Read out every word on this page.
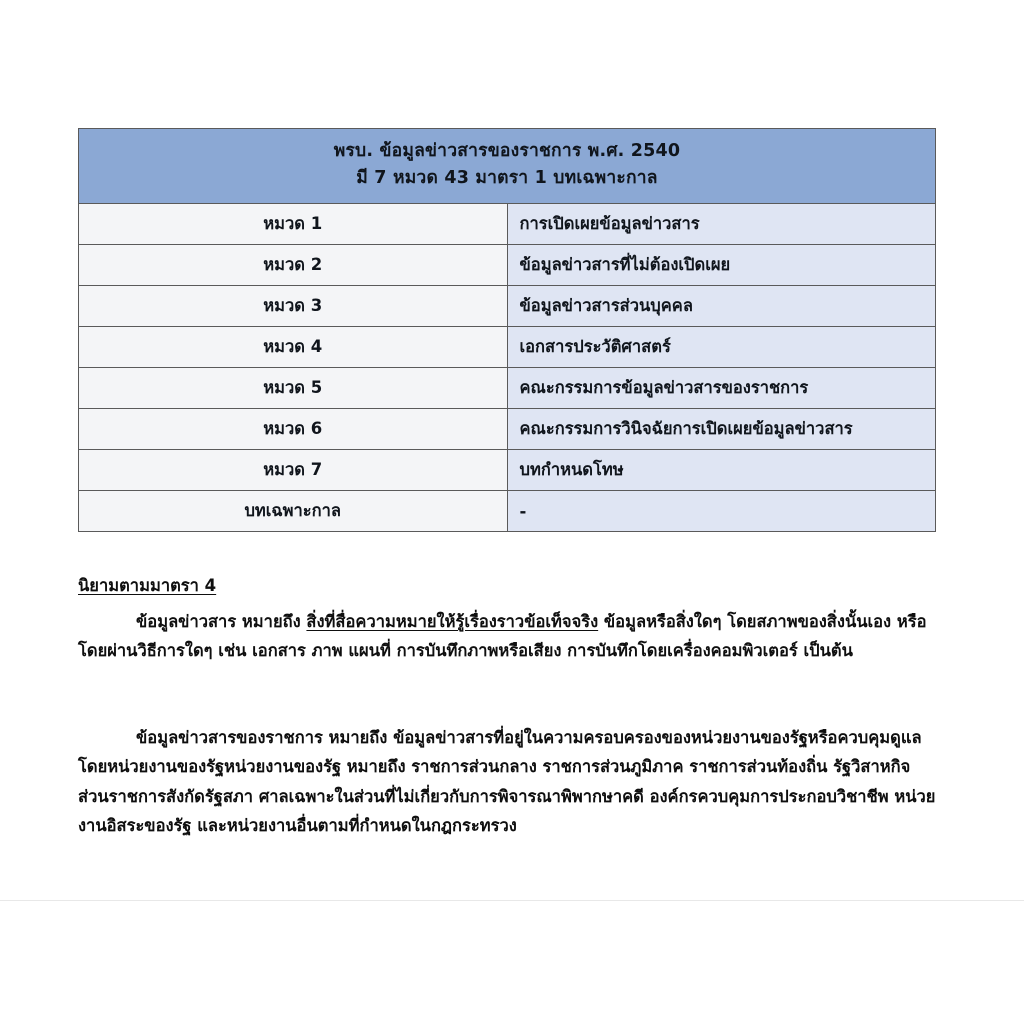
พรบ. ข้อมูลข่าวสารของราชการ พ.ศ. 2540
มี 7 หมวด 43 มาตรา 1 บทเฉพาะกาล	

หมวด 1	การเปิดเผยข้อมูลข่าวสาร
หมวด 2	ข้อมูลข่าวสารที่ไม่ต้องเปิดเผย
หมวด 3	ข้อมูลข่าวสารส่วนบุคคล
หมวด 4	เอกสารประวัติศาสตร์
หมวด 5	คณะกรรมการข้อมูลข่าวสารของราชการ
หมวด 6	คณะกรรมการวินิจฉัยการเปิดเผยข้อมูลข่าวสาร
หมวด 7	บทกำหนดโทษ
บทเฉพาะกาล	-
นิยามตามมาตรา 4
ข้อมูลข่าวสาร หมายถึง สิ่งที่สื่อความหมายให้รู้เรื่องราวข้อเท็จจริง ข้อมูลหรือสิ่งใดๆ โดยสภาพของสิ่งนั้นเอง หรือโดยผ่านวิธีการใดๆ เช่น เอกสาร ภาพ แผนที่ การบันทึกภาพหรือเสียง การบันทึกโดยเครื่องคอมพิวเตอร์ เป็นต้น
ข้อมูลข่าวสารของราชการ หมายถึง ข้อมูลข่าวสารที่อยู่ในความครอบครองของหน่วยงานของรัฐหรือควบคุมดูแลโดยหน่วยงานของรัฐหน่วยงานของรัฐ หมายถึง ราชการส่วนกลาง ราชการส่วนภูมิภาค ราชการส่วนท้องถิ่น รัฐวิสาหกิจ ส่วนราชการสังกัดรัฐสภา ศาลเฉพาะในส่วนที่ไม่เกี่ยวกับการพิจารณาพิพากษาคดี องค์กรควบคุมการประกอบวิชาชีพ หน่วยงานอิสระของรัฐ และหน่วยงานอื่นตามที่กำหนดในกฎกระทรวง
